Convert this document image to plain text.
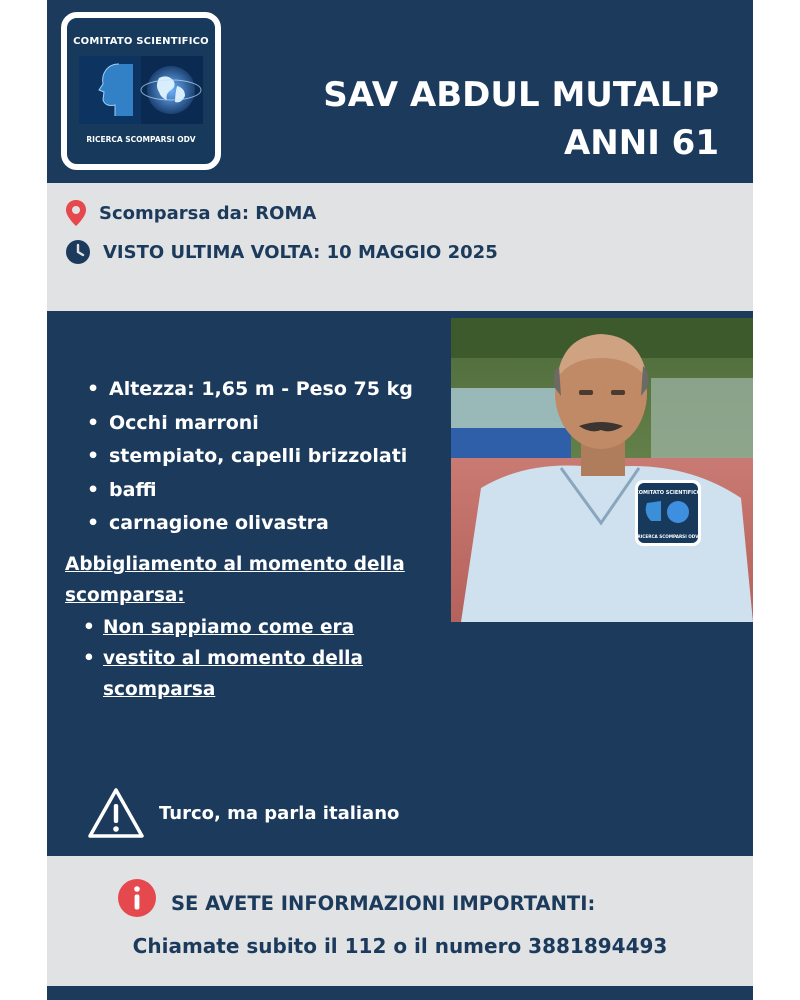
COMITATO SCIENTIFICO
RICERCA SCOMPARSI ODV
SAV ABDUL MUTALIP
ANNI 61
Scomparsa da: ROMA
VISTO ULTIMA VOLTA: 10 MAGGIO 2025
COMITATO SCIENTIFICO
RICERCA SCOMPARSI ODV
• Altezza: 1,65 m - Peso 75 kg
• Occhi marroni
• stempiato, capelli brizzolati
• baffi
• carnagione olivastra
Abbigliamento al momento della scomparsa:
• Non sappiamo come era
• vestito al momento della scomparsa
Turco, ma parla italiano
SE AVETE INFORMAZIONI IMPORTANTI:
Chiamate subito il 112 o il numero 3881894493
